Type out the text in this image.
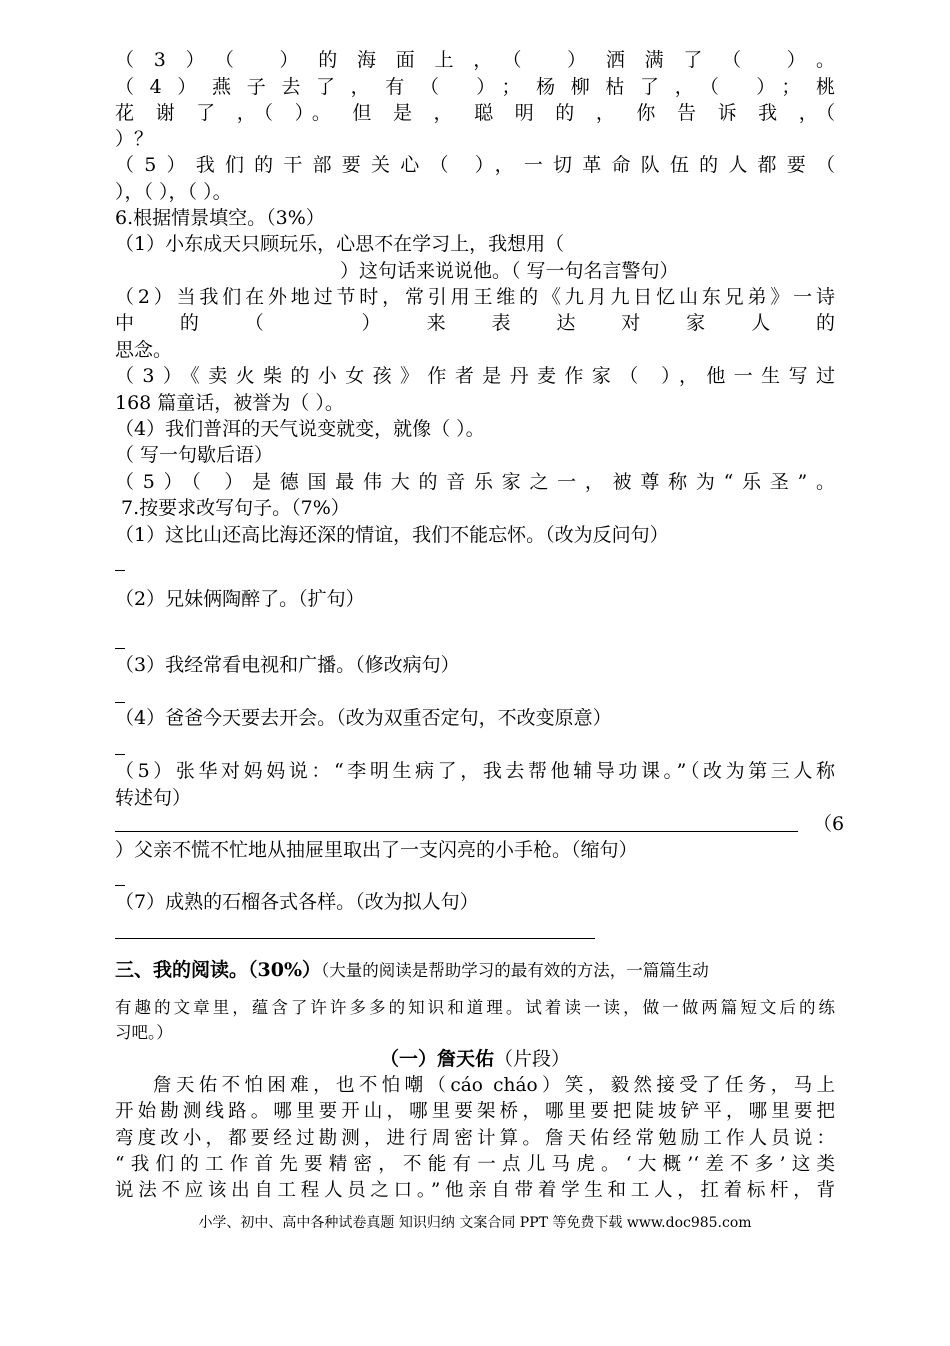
（3）（ ）的海面上，（ ）洒满了（ ）。
（4）燕子去了，有（ ）；杨柳枯了，（ ）；桃
花 谢 了 ，（ ）。 但 是 ， 聪 明 的 ， 你 告 诉 我 ，（
）？
（5）我们的干部要关心（ ），一切革命队伍的人都要（
），（ ），（ ）。
6.根据情景填空。（3%）
（1）小东成天只顾玩乐，心思不在学习上，我想用（
）这句话来说说他。（ 写一句名言警句）
（2）当我们在外地过节时，常引用王维的《九月九日忆山东兄弟》一诗
中的（ ）来表达对家人的
思念。
（3）《卖火柴的小女孩》作者是丹麦作家（ ），他一生写过
168 篇童话，被誉为（ ）。
（4）我们普洱的天气说变就变，就像（ ）。
（ 写一句歇后语）
（5）（ ）是德国最伟大的音乐家之一，被尊称为“乐圣”。
7.按要求改写句子。（7%）
（1）这比山还高比海还深的情谊，我们不能忘怀。（改为反问句）
（2）兄妹俩陶醉了。（扩句）
（3）我经常看电视和广播。（修改病句）
（4）爸爸今天要去开会。（改为双重否定句，不改变原意）
（5）张华对妈妈说：“李明生病了，我去帮他辅导功课。”（改为第三人称
转述句）
（6
）父亲不慌不忙地从抽屉里取出了一支闪亮的小手枪。（缩句）
（7）成熟的石榴各式各样。（改为拟人句）
三、我的阅读。（30%）（大量的阅读是帮助学习的最有效的方法，一篇篇生动
有趣的文章里，蕴含了许许多多的知识和道理。试着读一读，做一做两篇短文后的练
习吧。）
（一）詹天佑（片段）
詹天佑不怕困难，也不怕嘲（cáo cháo）笑，毅然接受了任务，马上
开始勘测线路。哪里要开山，哪里要架桥，哪里要把陡坡铲平，哪里要把
弯度改小，都要经过勘测，进行周密计算。詹天佑经常勉励工作人员说：
“我们的工作首先要精密，不能有一点儿马虎。‘大概’‘差不多’这类
说法不应该出自工程人员之口。”他亲自带着学生和工人，扛着标杆，背
小学、初中、高中各种试卷真题 知识归纳 文案合同 PPT 等免费下载 www.doc985.com
